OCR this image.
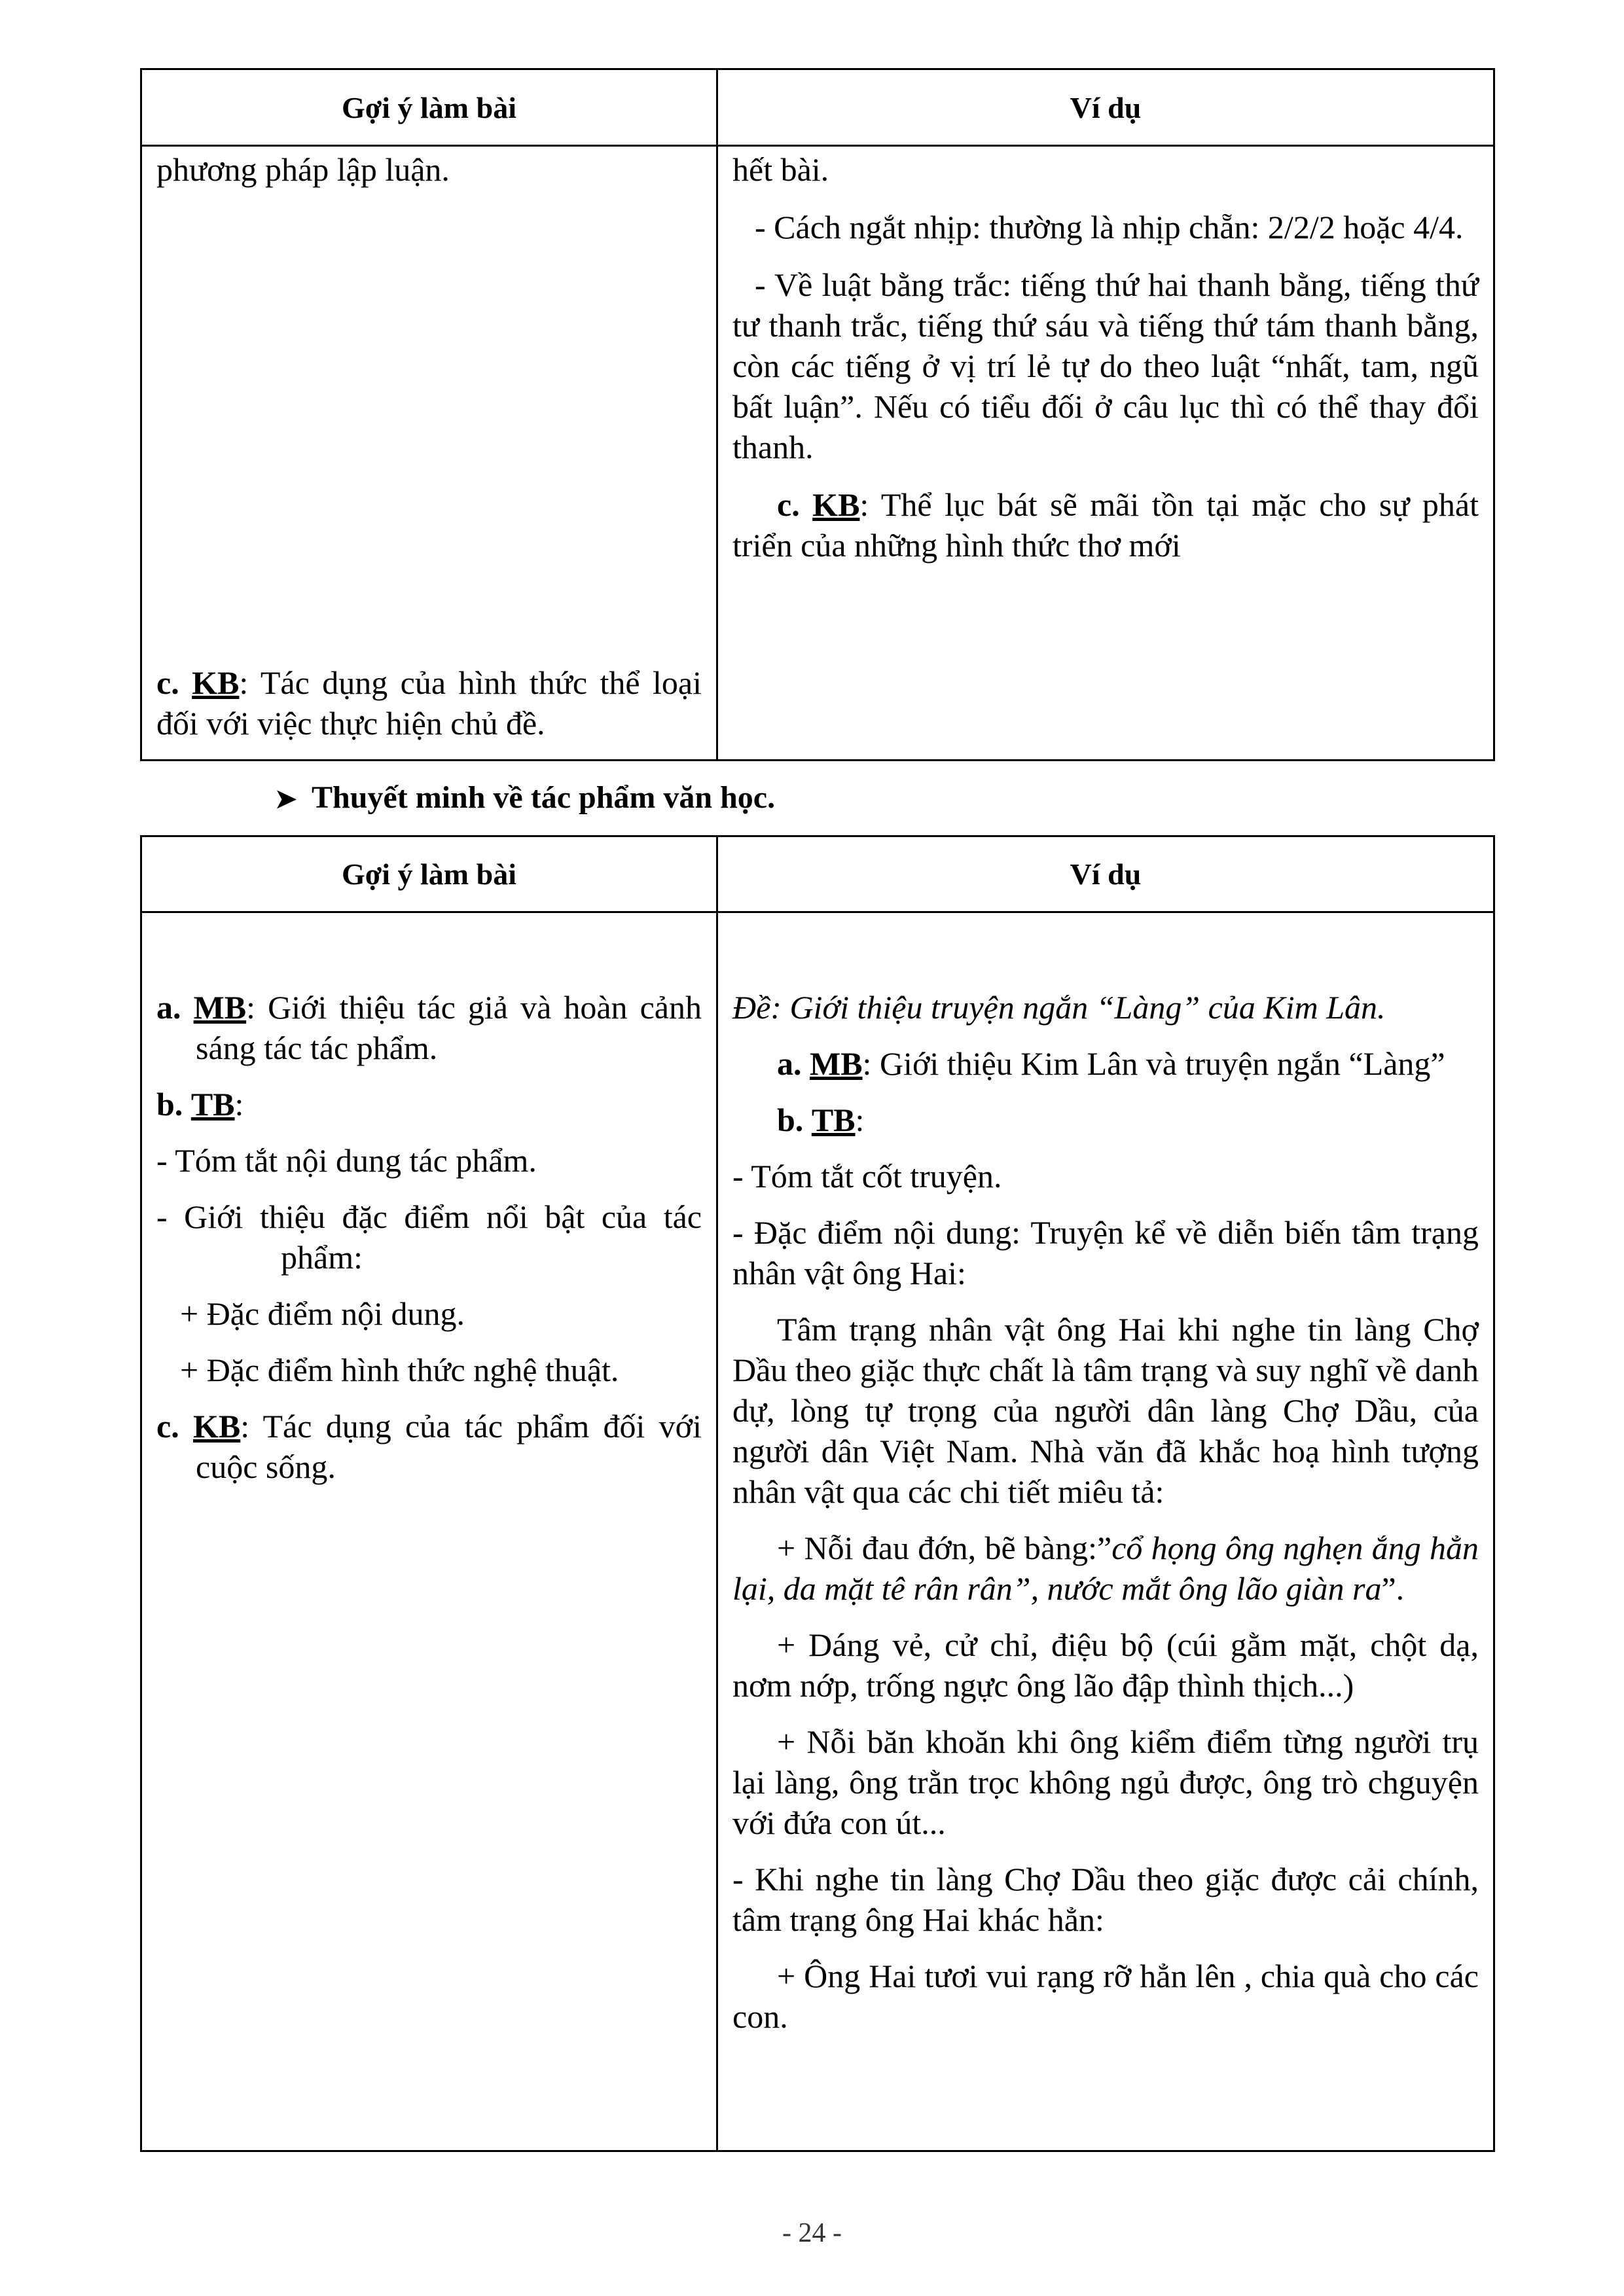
Gợi ý làm bài	Ví dụ
phương pháp lập luận.
c. KB: Tác dụng của hình thức thể loại đối với việc thực hiện chủ đề.
hết bài.
- Cách ngắt nhịp: thường là nhịp chẵn: 2/2/2 hoặc 4/4.
- Về luật bằng trắc: tiếng thứ hai thanh bằng, tiếng thứ tư thanh trắc, tiếng thứ sáu và tiếng thứ tám thanh bằng, còn các tiếng ở vị trí lẻ tự do theo luật “nhất, tam, ngũ bất luận”. Nếu có tiểu đối ở câu lục thì có thể thay đổi thanh.
c. KB: Thể lục bát sẽ mãi tồn tại mặc cho sự phát triển của những hình thức thơ mới
➤ Thuyết minh về tác phẩm văn học.
Gợi ý làm bài	Ví dụ
a. MB: Giới thiệu tác giả và hoàn cảnh sáng tác tác phẩm.
b. TB:
- Tóm tắt nội dung tác phẩm.
- Giới thiệu đặc điểm nổi bật của tác phẩm:
+ Đặc điểm nội dung.
+ Đặc điểm hình thức nghệ thuật.
c. KB: Tác dụng của tác phẩm đối với cuộc sống.
Đề: Giới thiệu truyện ngắn “Làng” của Kim Lân.
a. MB: Giới thiệu Kim Lân và truyện ngắn “Làng”
b. TB:
- Tóm tắt cốt truyện.
- Đặc điểm nội dung: Truyện kể về diễn biến tâm trạng nhân vật ông Hai:
Tâm trạng nhân vật ông Hai khi nghe tin làng Chợ Dầu theo giặc thực chất là tâm trạng và suy nghĩ về danh dự, lòng tự trọng của người dân làng Chợ Dầu, của người dân Việt Nam. Nhà văn đã khắc hoạ hình tượng nhân vật qua các chi tiết miêu tả:
+ Nỗi đau đớn, bẽ bàng:”cổ họng ông nghẹn ắng hẳn lại, da mặt tê rân rân”, nước mắt ông lão giàn ra”.
+ Dáng vẻ, cử chỉ, điệu bộ (cúi gằm mặt, chột dạ, nơm nớp, trống ngực ông lão đập thình thịch...)
+ Nỗi băn khoăn khi ông kiểm điểm từng người trụ lại làng, ông trằn trọc không ngủ được, ông trò chguyện với đứa con út...
- Khi nghe tin làng Chợ Dầu theo giặc được cải chính, tâm trạng ông Hai khác hẳn:
+ Ông Hai tươi vui rạng rỡ hẳn lên , chia quà cho các con.
- 24 -
